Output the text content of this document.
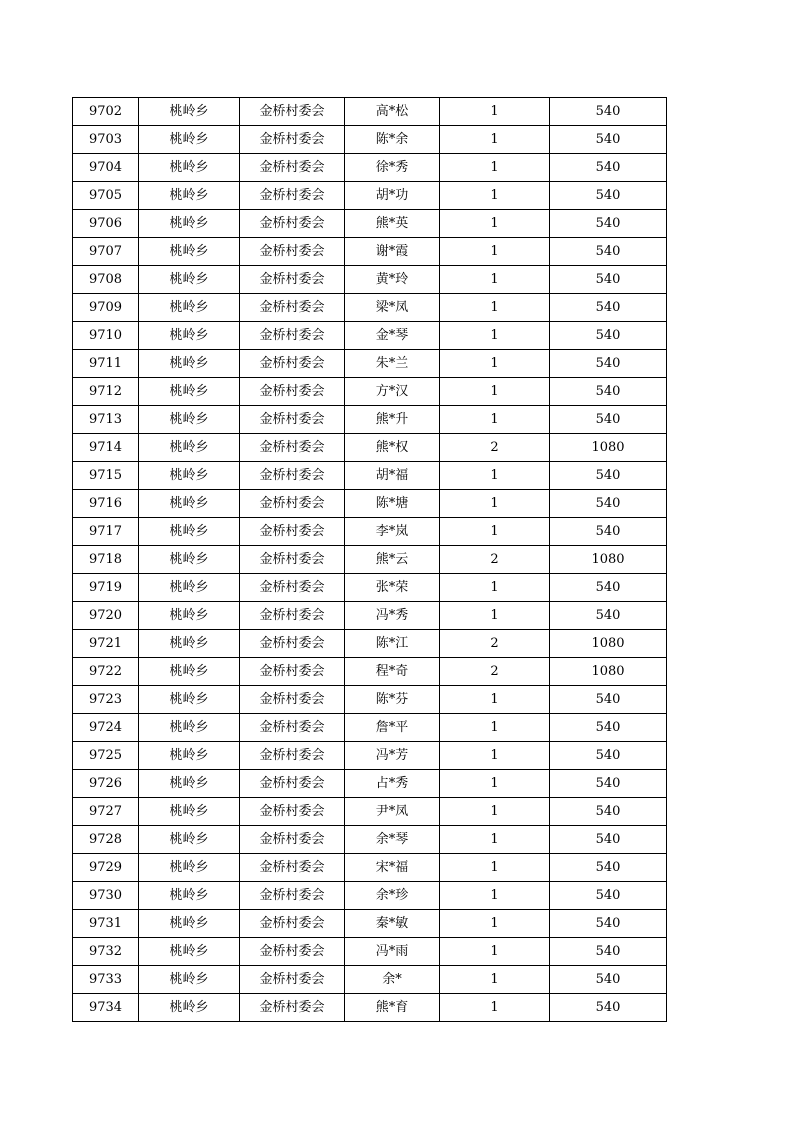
9702	桃岭乡	金桥村委会	高*松	1	540
9703	桃岭乡	金桥村委会	陈*余	1	540
9704	桃岭乡	金桥村委会	徐*秀	1	540
9705	桃岭乡	金桥村委会	胡*功	1	540
9706	桃岭乡	金桥村委会	熊*英	1	540
9707	桃岭乡	金桥村委会	谢*霞	1	540
9708	桃岭乡	金桥村委会	黄*玲	1	540
9709	桃岭乡	金桥村委会	梁*凤	1	540
9710	桃岭乡	金桥村委会	金*琴	1	540
9711	桃岭乡	金桥村委会	朱*兰	1	540
9712	桃岭乡	金桥村委会	方*汉	1	540
9713	桃岭乡	金桥村委会	熊*升	1	540
9714	桃岭乡	金桥村委会	熊*权	2	1080
9715	桃岭乡	金桥村委会	胡*福	1	540
9716	桃岭乡	金桥村委会	陈*塘	1	540
9717	桃岭乡	金桥村委会	李*岚	1	540
9718	桃岭乡	金桥村委会	熊*云	2	1080
9719	桃岭乡	金桥村委会	张*荣	1	540
9720	桃岭乡	金桥村委会	冯*秀	1	540
9721	桃岭乡	金桥村委会	陈*江	2	1080
9722	桃岭乡	金桥村委会	程*奇	2	1080
9723	桃岭乡	金桥村委会	陈*芬	1	540
9724	桃岭乡	金桥村委会	詹*平	1	540
9725	桃岭乡	金桥村委会	冯*芳	1	540
9726	桃岭乡	金桥村委会	占*秀	1	540
9727	桃岭乡	金桥村委会	尹*凤	1	540
9728	桃岭乡	金桥村委会	余*琴	1	540
9729	桃岭乡	金桥村委会	宋*福	1	540
9730	桃岭乡	金桥村委会	余*珍	1	540
9731	桃岭乡	金桥村委会	秦*敏	1	540
9732	桃岭乡	金桥村委会	冯*雨	1	540
9733	桃岭乡	金桥村委会	余*	1	540
9734	桃岭乡	金桥村委会	熊*育	1	540
